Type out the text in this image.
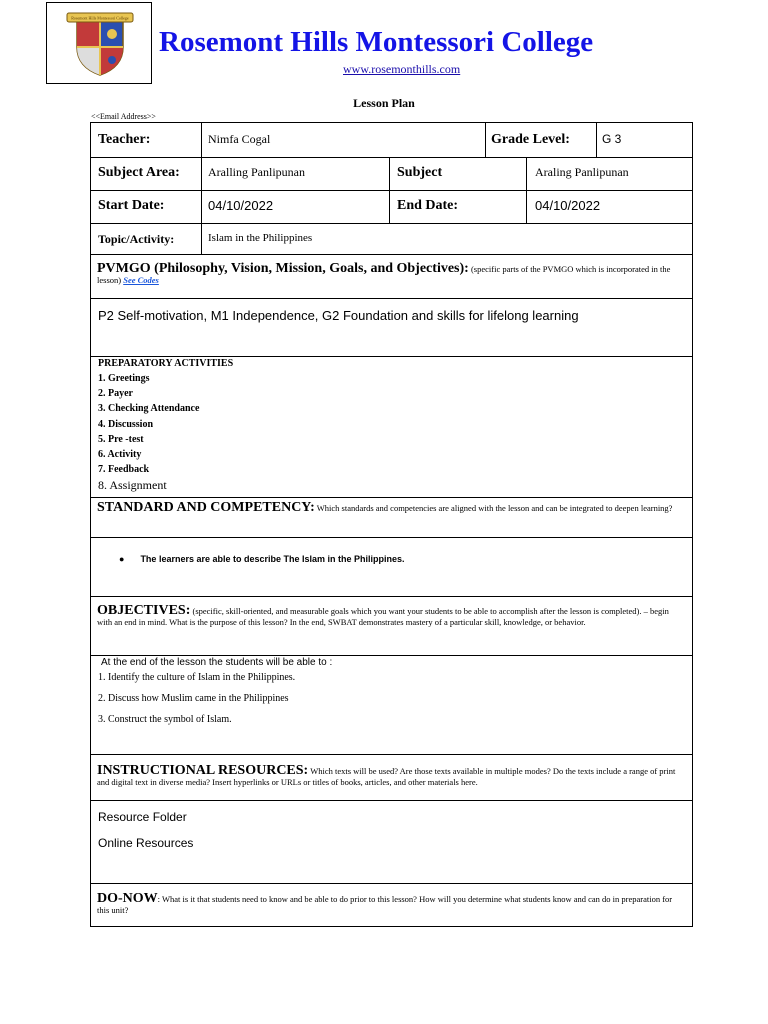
Rosemont Hills Montessori College
Rosemont Hills Montessori College
www.rosemonthills.com
Lesson Plan
<<Email Address>>
Teacher:	Nimfa Cogal	Grade Level:	G 3
Subject Area: Aralling Panlipunan	Subject	Araling Panlipunan
Start Date:	04/10/2022	End Date:	04/10/2022
Topic/Activity:	Islam in the Philippines
PVMGO (Philosophy, Vision, Mission, Goals, and Objectives): (specific parts of the PVMGO which is incorporated in the lesson) See Codes
P2 Self-motivation, M1 Independence, G2 Foundation and skills for lifelong learning
PREPARATORY ACTIVITIES
1. Greetings
2. Payer
3. Checking Attendance
4. Discussion
5. Pre -test
6. Activity
7. Feedback
8. Assignment
STANDARD AND COMPETENCY: Which standards and competencies are aligned with the lesson and can be integrated to deepen learning?
● The learners are able to describe The Islam in the Philippines.
OBJECTIVES: (specific, skill-oriented, and measurable goals which you want your students to be able to accomplish after the lesson is completed). – begin with an end in mind. What is the purpose of this lesson? In the end, SWBAT demonstrates mastery of a particular skill, knowledge, or behavior.
At the end of the lesson the students will be able to :
1. Identify the culture of Islam in the Philippines.
2. Discuss how Muslim came in the Philippines
3. Construct the symbol of Islam.
INSTRUCTIONAL RESOURCES: Which texts will be used? Are those texts available in multiple modes? Do the texts include a range of print and digital text in diverse media? Insert hyperlinks or URLs or titles of books, articles, and other materials here.
Resource Folder
Online Resources
DO-NOW: What is it that students need to know and be able to do prior to this lesson? How will you determine what students know and can do in preparation for this unit?
